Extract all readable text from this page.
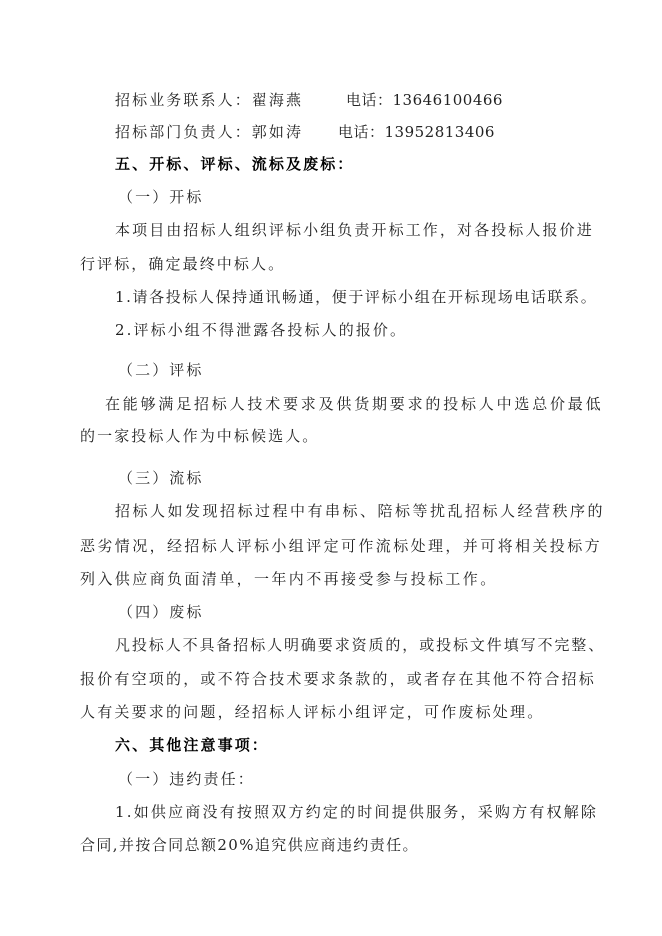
招标业务联系人：翟海燕	电话：13646100466
招标部门负责人：郭如涛 电话：13952813406
五、开标、评标、流标及废标：
（一）开标
本项目由招标人组织评标小组负责开标工作，对各投标人报价进
行评标，确定最终中标人。
1.请各投标人保持通讯畅通，便于评标小组在开标现场电话联系。
2.评标小组不得泄露各投标人的报价。
（二）评标
在能够满足招标人技术要求及供货期要求的投标人中选总价最低
的一家投标人作为中标候选人。
（三）流标
招标人如发现招标过程中有串标、陪标等扰乱招标人经营秩序的
恶劣情况，经招标人评标小组评定可作流标处理，并可将相关投标方
列入供应商负面清单，一年内不再接受参与投标工作。
（四）废标
凡投标人不具备招标人明确要求资质的，或投标文件填写不完整、
报价有空项的，或不符合技术要求条款的，或者存在其他不符合招标
人有关要求的问题，经招标人评标小组评定，可作废标处理。
六、其他注意事项：
（一）违约责任：
1.如供应商没有按照双方约定的时间提供服务，采购方有权解除
合同,并按合同总额20%追究供应商违约责任。
